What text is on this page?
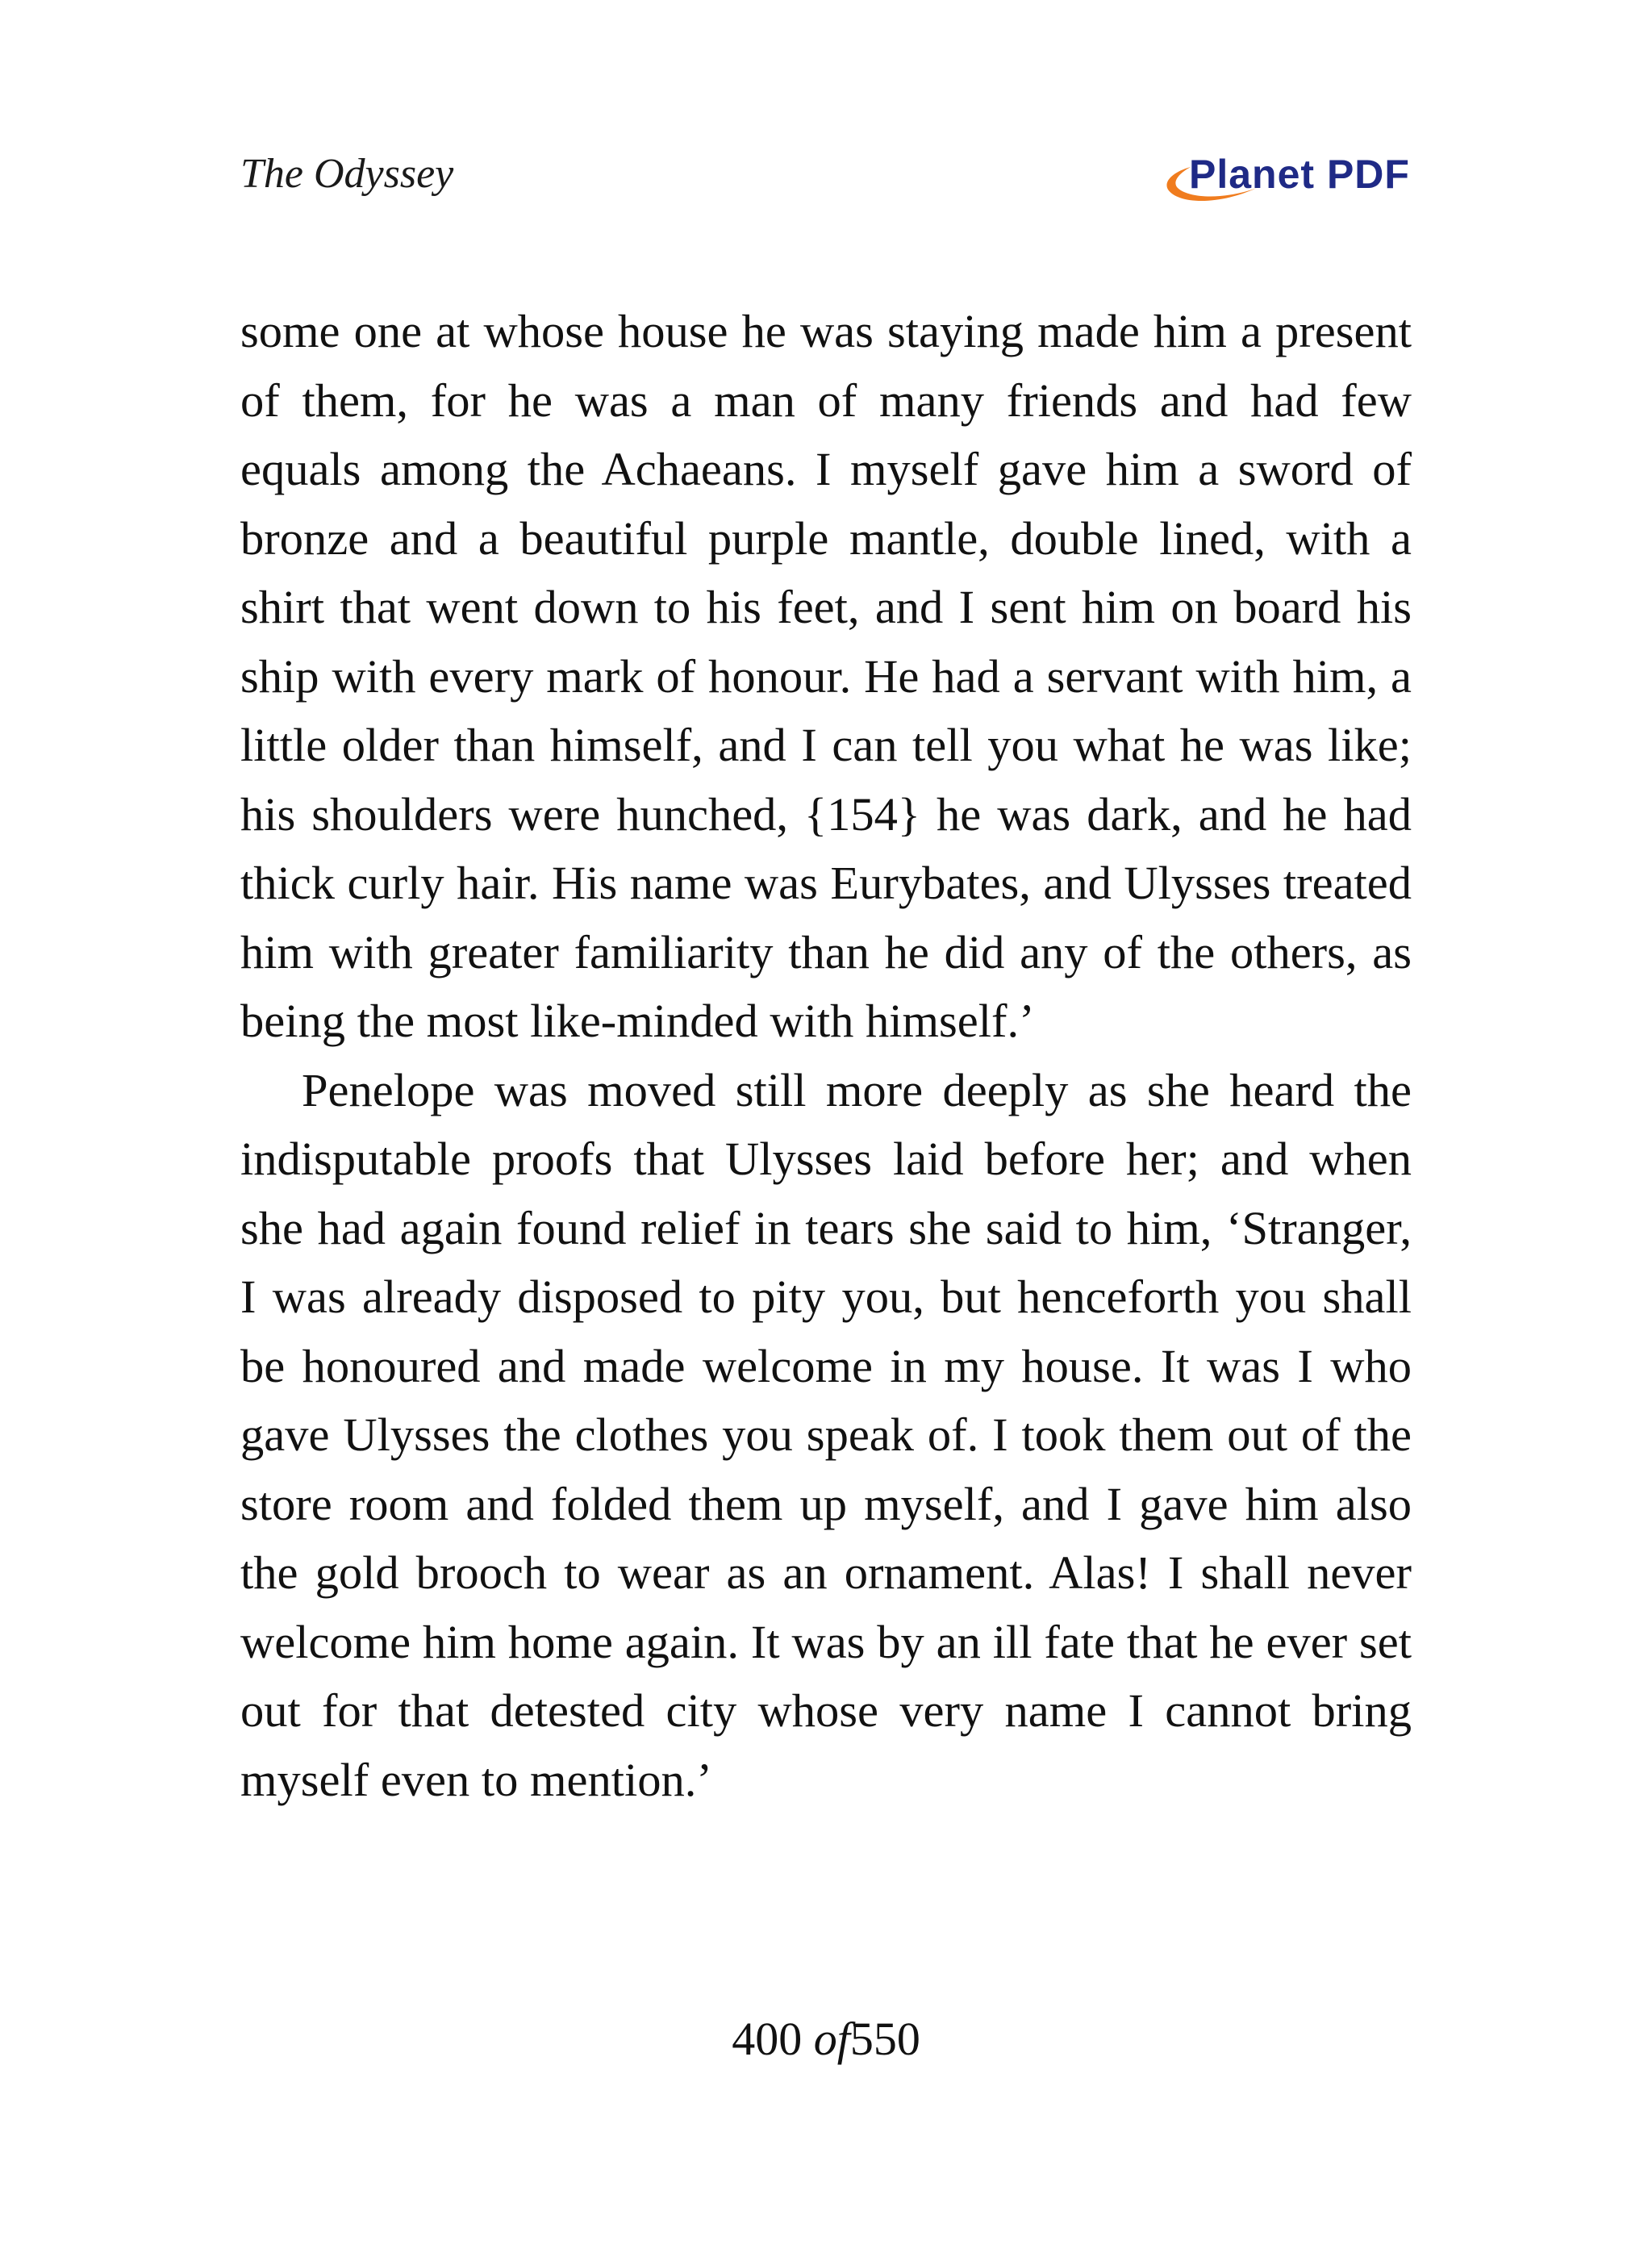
The Odyssey	Planet PDF

some one at whose house he was staying made him a present of them, for he was a man of many friends and had few equals among the Achaeans. I myself gave him a sword of bronze and a beautiful purple mantle, double lined, with a shirt that went down to his feet, and I sent him on board his ship with every mark of honour. He had a servant with him, a little older than himself, and I can tell you what he was like; his shoulders were hunched, {154} he was dark, and he had thick curly hair. His name was Eurybates, and Ulysses treated him with greater familiarity than he did any of the others, as being the most like-minded with himself.’

Penelope was moved still more deeply as she heard the indisputable proofs that Ulysses laid before her; and when she had again found relief in tears she said to him, ‘Stranger, I was already disposed to pity you, but henceforth you shall be honoured and made welcome in my house. It was I who gave Ulysses the clothes you speak of. I took them out of the store room and folded them up myself, and I gave him also the gold brooch to wear as an ornament. Alas! I shall never welcome him home again. It was by an ill fate that he ever set out for that detested city whose very name I cannot bring myself even to mention.’

400 of550
